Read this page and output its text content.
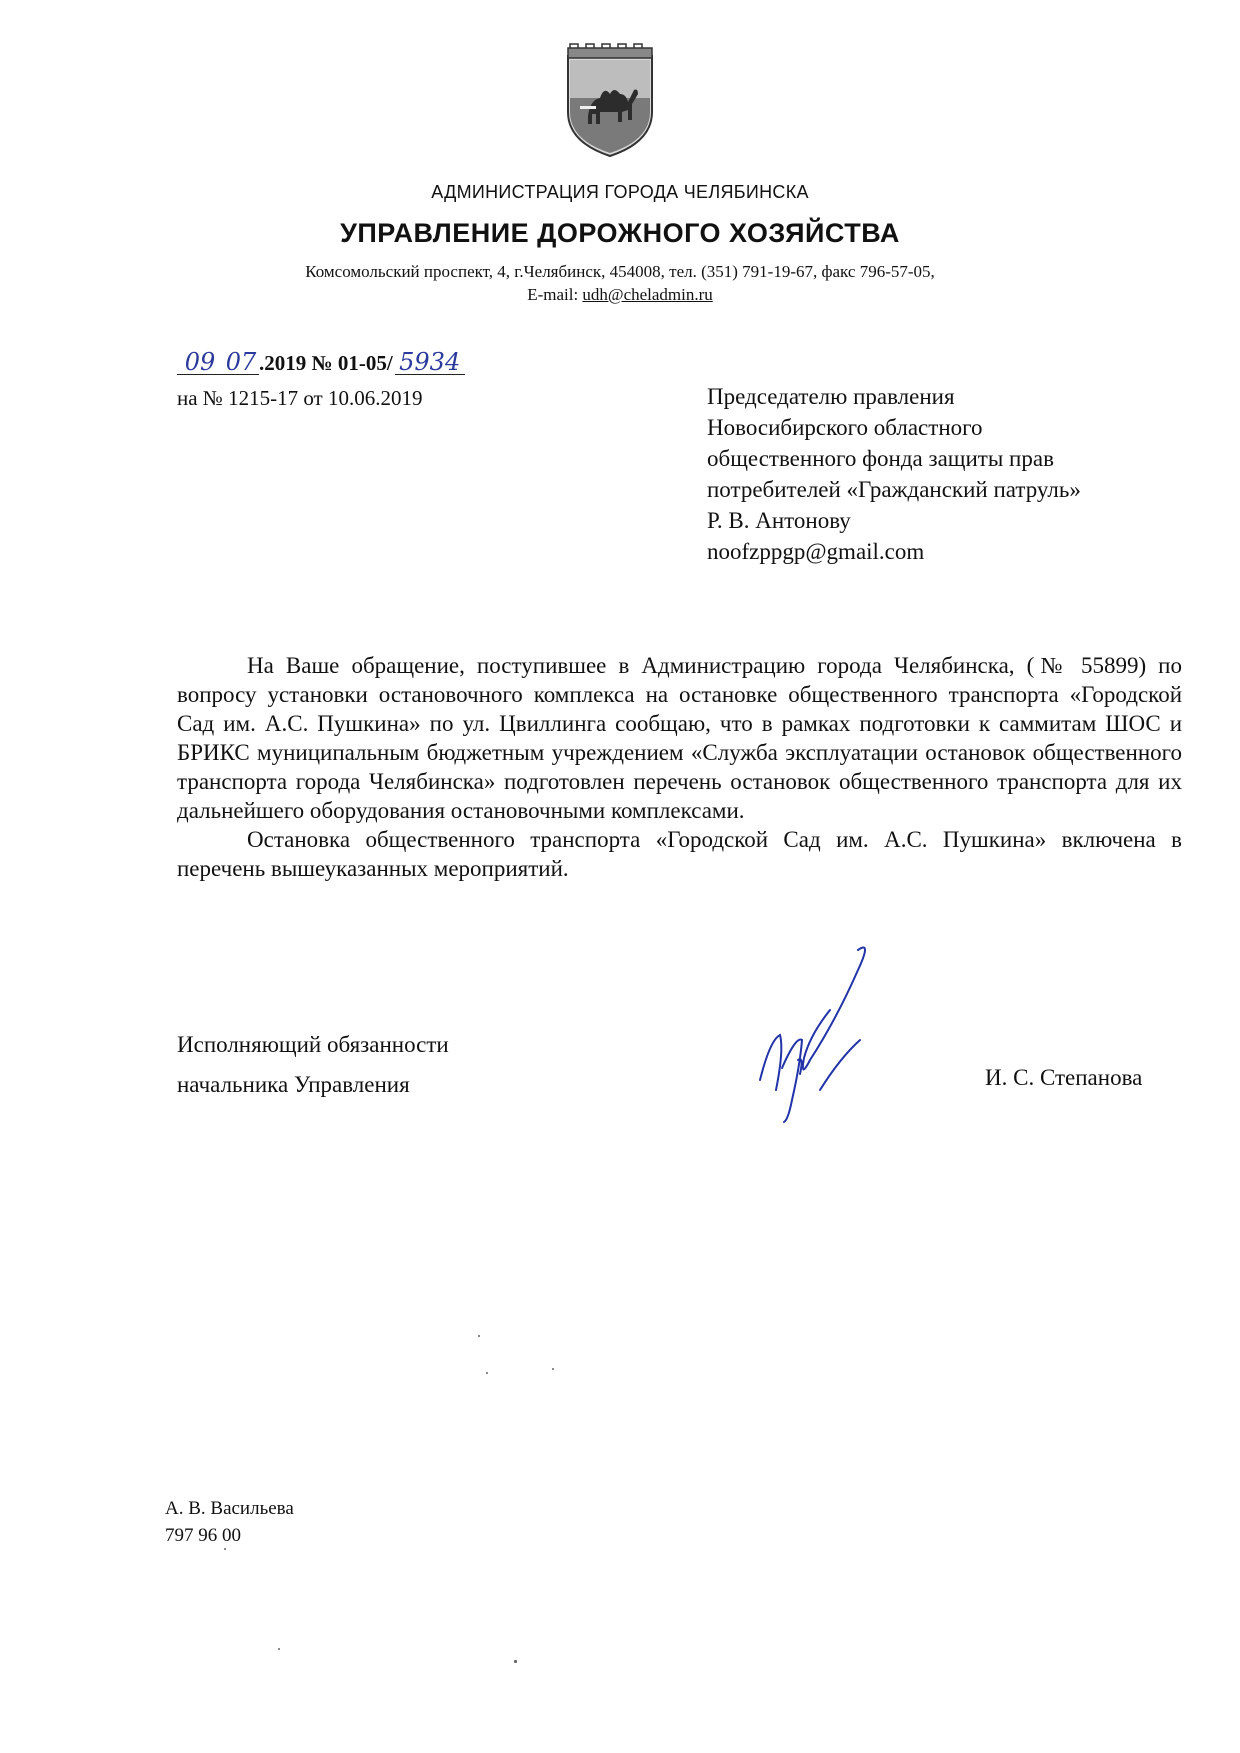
АДМИНИСТРАЦИЯ ГОРОДА ЧЕЛЯБИНСКА
УПРАВЛЕНИЕ ДОРОЖНОГО ХОЗЯЙСТВА
Комсомольский проспект, 4, г.Челябинск, 454008, тел. (351) 791-19-67, факс 796-57-05,
E-mail: udh@cheladmin.ru
09 07 .2019 № 01-05/ 5934
на № 1215-17 от 10.06.2019	Председателю правления
Новосибирского областного
общественного фонда защиты прав
потребителей «Гражданский патруль»
Р. В. Антонову
noofzppgp@gmail.com

На Ваше обращение, поступившее в Администрацию города Челябинска, (№ 55899) по вопросу установки остановочного комплекса на остановке общественного транспорта «Городской Сад им. А.С. Пушкина» по ул. Цвиллинга сообщаю, что в рамках подготовки к саммитам ШОС и БРИКС муниципальным бюджетным учреждением «Служба эксплуатации остановок общественного транспорта города Челябинска» подготовлен перечень остановок общественного транспорта для их дальнейшего оборудования остановочными комплексами.

Остановка общественного транспорта «Городской Сад им. А.С. Пушкина» включена в перечень вышеуказанных мероприятий.

Исполняющий обязанности
начальника Управления	И. С. Степанова
А. В. Васильева
797 96 00
